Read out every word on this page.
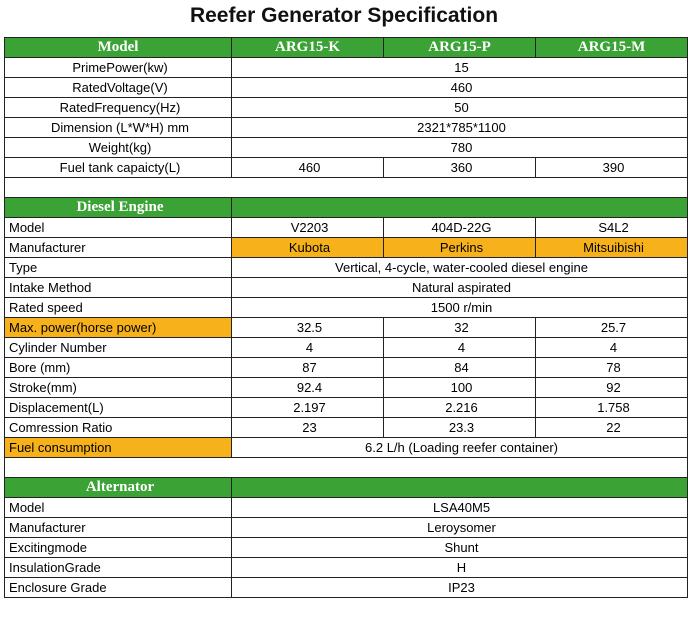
Reefer Generator Specification
Model	ARG15-K	ARG15-P	ARG15-M
PrimePower(kw)	15		
RatedVoltage(V)	460		
RatedFrequency(Hz)	50		
Dimension (L*W*H) mm	2321*785*1100		
Weight(kg)	780		
Fuel tank capaicty(L)	460	360	390

Diesel Engine			
Model	V2203	404D-22G	S4L2
Manufacturer	Kubota	Perkins	Mitsuibishi
Type	Vertical, 4-cycle, water-cooled diesel engine		
Intake Method	Natural aspirated		
Rated speed	1500 r/min		
Max. power(horse power)	32.5	32	25.7
Cylinder Number	4	4	4
Bore (mm)	87	84	78
Stroke(mm)	92.4	100	92
Displacement(L)	2.197	2.216	1.758
Comression Ratio	23	23.3	22
Fuel consumption	6.2 L/h (Loading reefer container)		

Alternator			
Model	LSA40M5		
Manufacturer	Leroysomer		
Excitingmode	Shunt		
InsulationGrade	H		
Enclosure Grade	IP23		
